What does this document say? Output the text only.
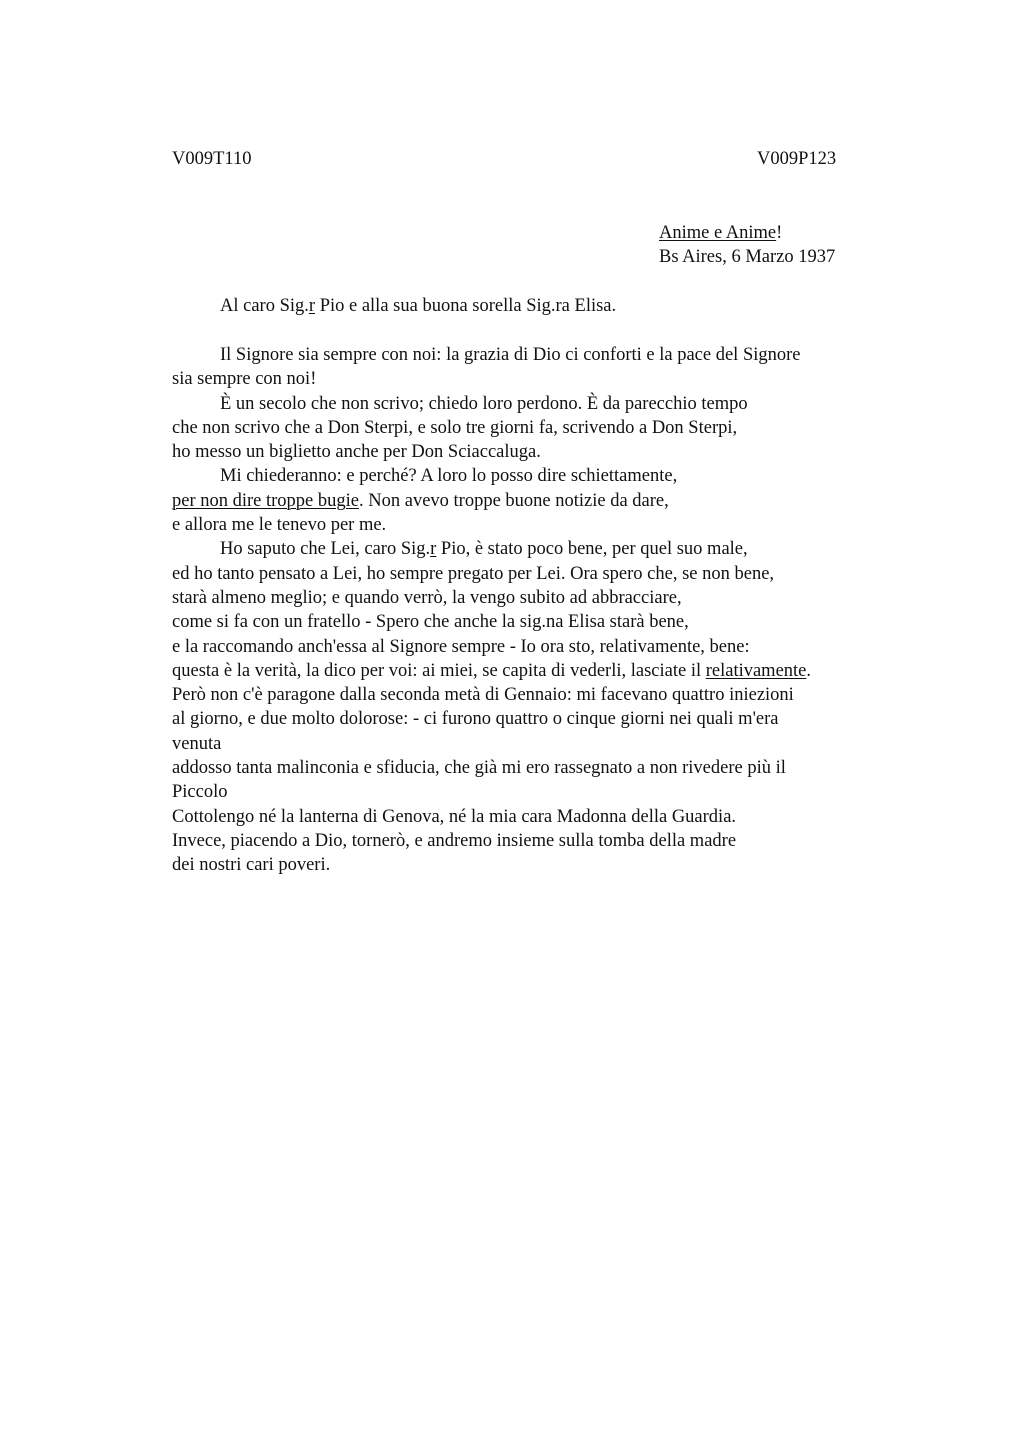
V009T110	V009P123
Anime e Anime!
Bs Aires, 6 Marzo 1937
Al caro Sig.r Pio e alla sua buona sorella Sig.ra Elisa.
Il Signore sia sempre con noi: la grazia di Dio ci conforti e la pace del Signore
sia sempre con noi!
È un secolo che non scrivo; chiedo loro perdono. È da parecchio tempo
che non scrivo che a Don Sterpi, e solo tre giorni fa, scrivendo a Don Sterpi,
ho messo un biglietto anche per Don Sciaccaluga.
Mi chiederanno: e perché? A loro lo posso dire schiettamente,
per non dire troppe bugie. Non avevo troppe buone notizie da dare,
e allora me le tenevo per me.
Ho saputo che Lei, caro Sig.r Pio, è stato poco bene, per quel suo male,
ed ho tanto pensato a Lei, ho sempre pregato per Lei. Ora spero che, se non bene,
starà almeno meglio; e quando verrò, la vengo subito ad abbracciare,
come si fa con un fratello - Spero che anche la sig.na Elisa starà bene,
e la raccomando anch'essa al Signore sempre - Io ora sto, relativamente, bene:
questa è la verità, la dico per voi: ai miei, se capita di vederli, lasciate il relativamente.
Però non c'è paragone dalla seconda metà di Gennaio: mi facevano quattro iniezioni
al giorno, e due molto dolorose: - ci furono quattro o cinque giorni nei quali m'era
venuta
addosso tanta malinconia e sfiducia, che già mi ero rassegnato a non rivedere più il
Piccolo
Cottolengo né la lanterna di Genova, né la mia cara Madonna della Guardia.
Invece, piacendo a Dio, tornerò, e andremo insieme sulla tomba della madre
dei nostri cari poveri.
